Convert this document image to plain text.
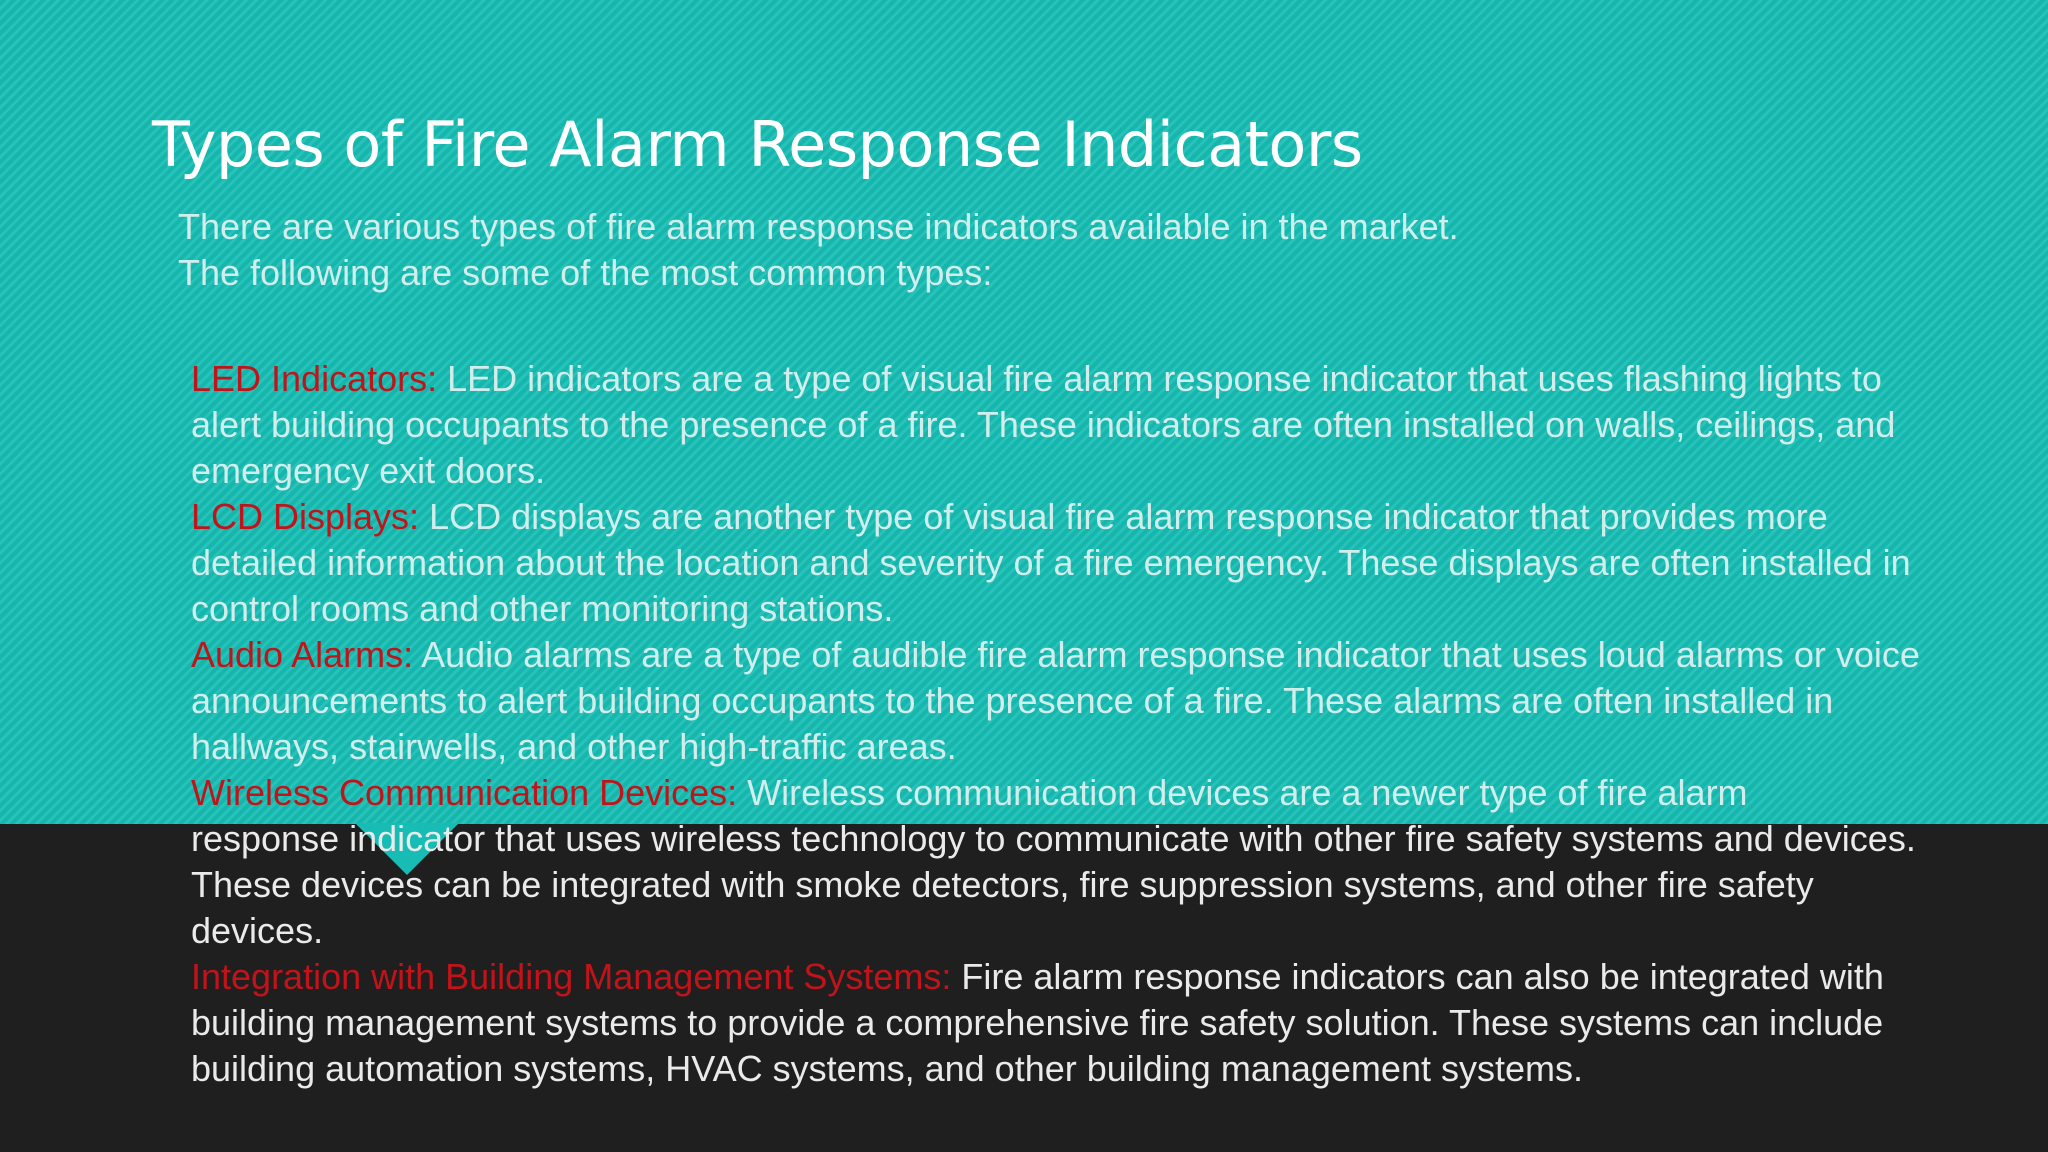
Types of Fire Alarm Response Indicators

There are various types of fire alarm response indicators available in the market. The following are some of the most common types:

LED Indicators: LED indicators are a type of visual fire alarm response indicator that uses flashing lights to alert building occupants to the presence of a fire. These indicators are often installed on walls, ceilings, and emergency exit doors.
LCD Displays: LCD displays are another type of visual fire alarm response indicator that provides more detailed information about the location and severity of a fire emergency. These displays are often installed in control rooms and other monitoring stations.
Audio Alarms: Audio alarms are a type of audible fire alarm response indicator that uses loud alarms or voice announcements to alert building occupants to the presence of a fire. These alarms are often installed in hallways, stairwells, and other high-traffic areas.
Wireless Communication Devices: Wireless communication devices are a newer type of fire alarm
response indicator that uses wireless technology to communicate with other fire safety systems and devices. These devices can be integrated with smoke detectors, fire suppression systems, and other fire safety devices.
Integration with Building Management Systems: Fire alarm response indicators can also be integrated with building management systems to provide a comprehensive fire safety solution. These systems can include building automation systems, HVAC systems, and other building management systems.
